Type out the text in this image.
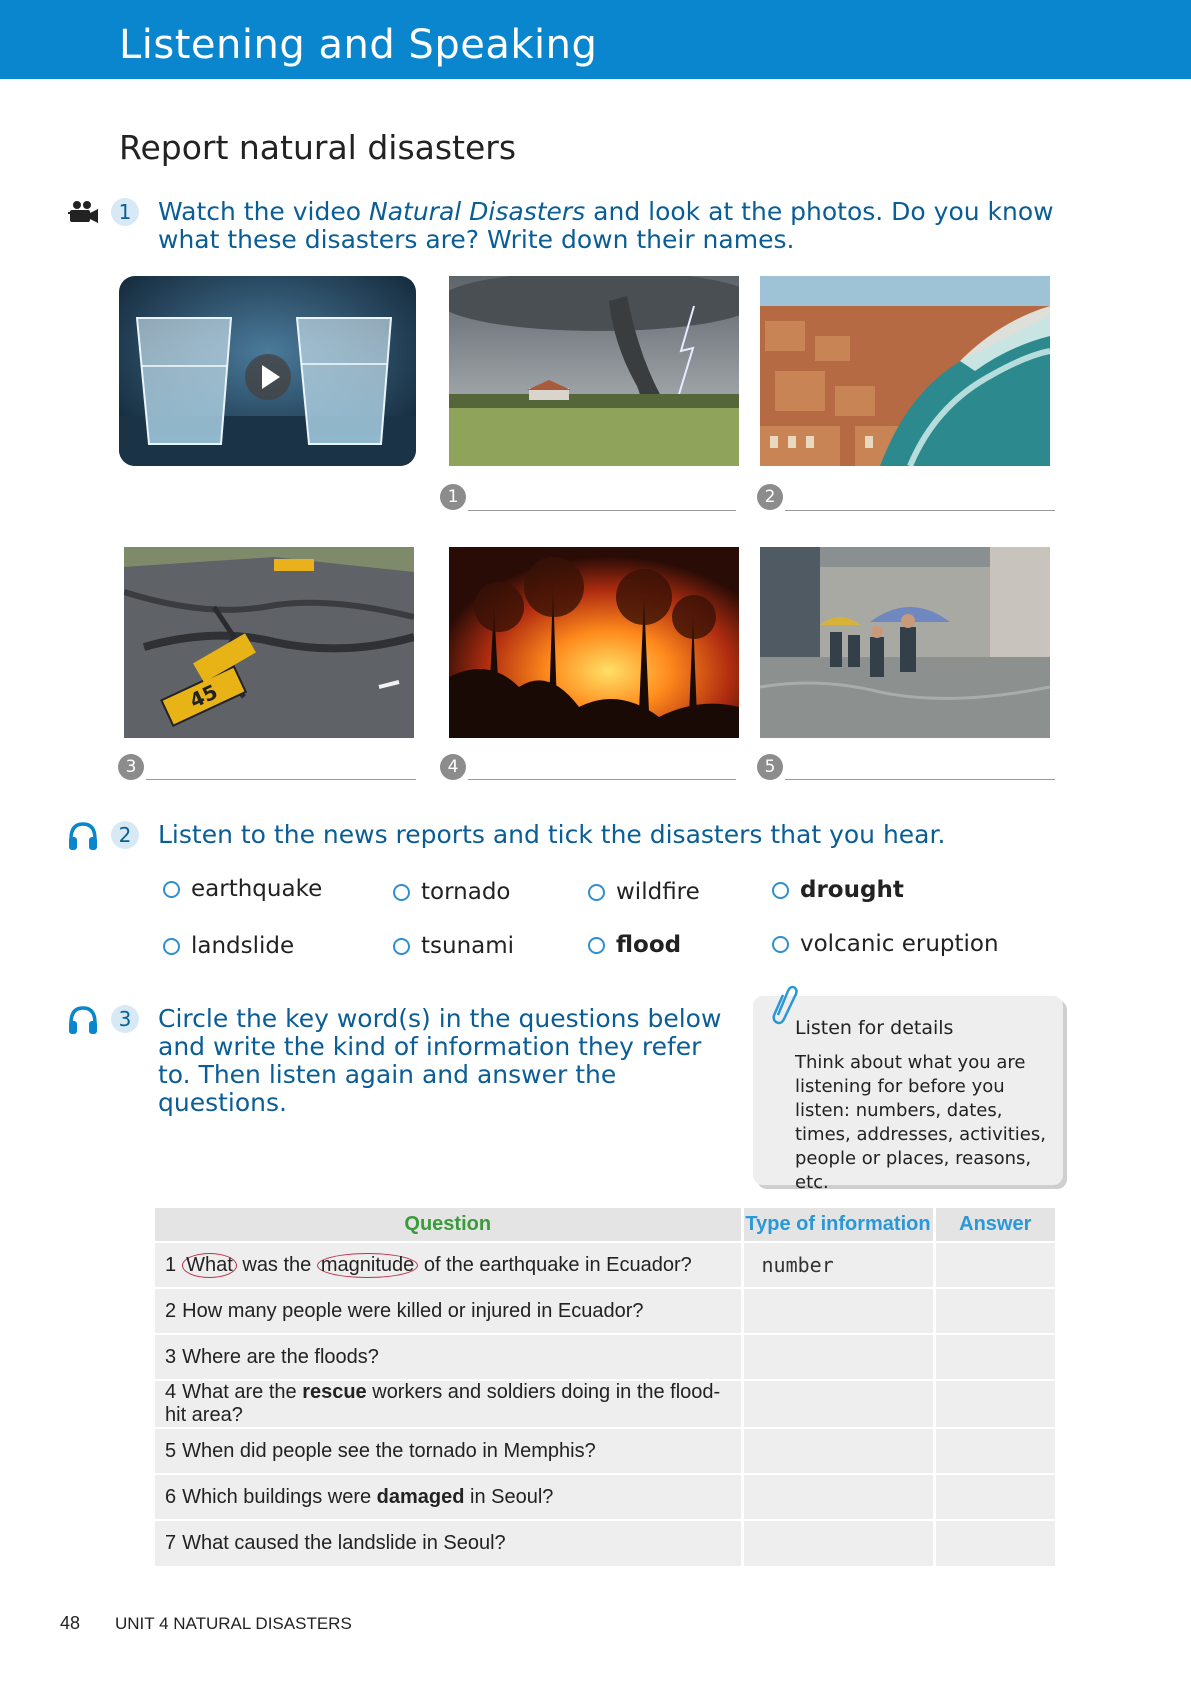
Listening and Speaking
Report natural disasters
1	Watch the video Natural Disasters and look at the photos. Do you know what these disasters are? Write down their names.
1	2
45
3	4	5
2	Listen to the news reports and tick the disasters that you hear.
earthquake	tornado	wildfire	drought
landslide	tsunami	flood	volcanic eruption
3	Circle the key word(s) in the questions below and write the kind of information they refer to. Then listen again and answer the questions.
Listen for details
Think about what you are listening for before you listen: numbers, dates, times, addresses, activities, people or places, reasons, etc.
Question	Type of information	Answer
1 What was the magnitude of the earthquake in Ecuador?	number	
2 How many people were killed or injured in Ecuador?		
3 Where are the floods?		
4 What are the rescue workers and soldiers doing in the flood-hit area?		
5 When did people see the tornado in Memphis?		
6 Which buildings were damaged in Seoul?		
7 What caused the landslide in Seoul?		
48 UNIT 4 NATURAL DISASTERS
